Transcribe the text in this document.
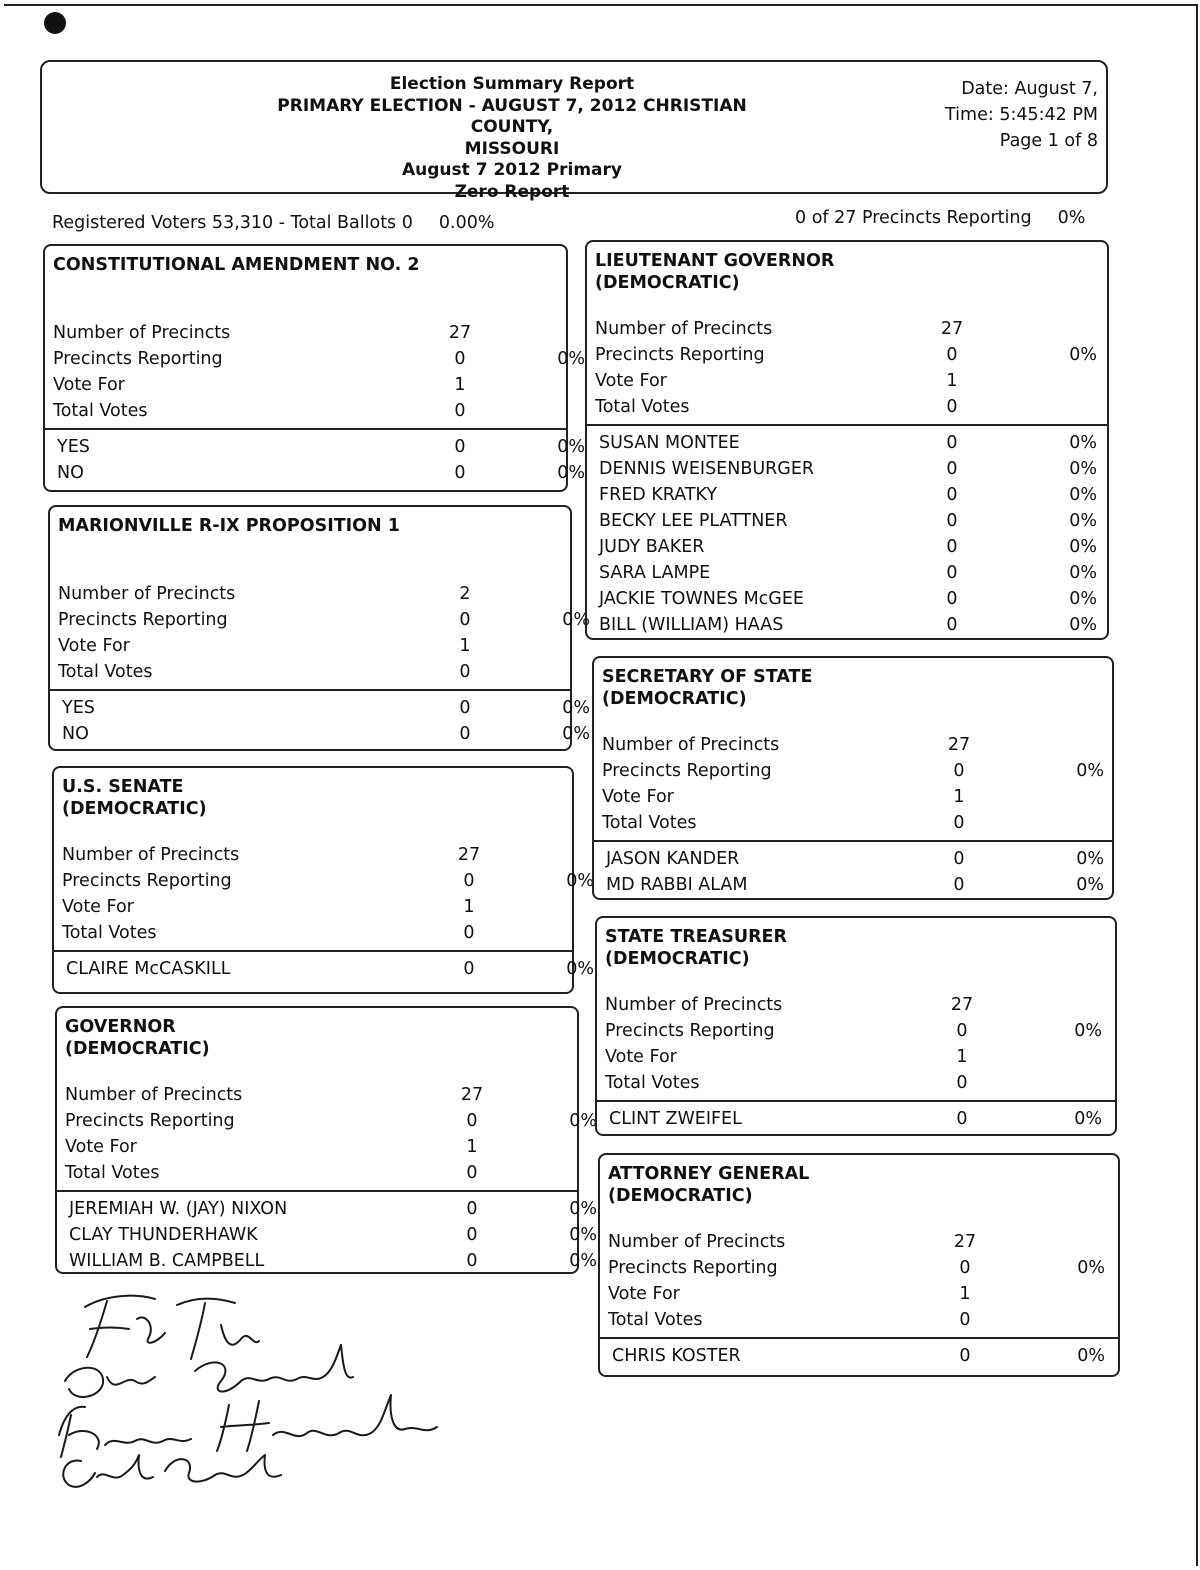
Election Summary Report
PRIMARY ELECTION - AUGUST 7, 2012 CHRISTIAN COUNTY,
MISSOURI
August 7 2012 Primary
Zero Report
Date: August 7,
Time: 5:45:42 PM
Page 1 of 8
Registered Voters 53,310 - Total Ballots 0 0.00%	0 of 27 Precincts Reporting 0%
CONSTITUTIONAL AMENDMENT NO. 2
Number of Precincts	27
Precincts Reporting	0	0%
Vote For	1
Total Votes	0
YES	0	0%
NO	0	0%
MARIONVILLE R-IX PROPOSITION 1
Number of Precincts	2
Precincts Reporting	0	0%
Vote For	1
Total Votes	0
YES	0	0%
NO	0	0%
U.S. SENATE
(DEMOCRATIC)
Number of Precincts	27
Precincts Reporting	0	0%
Vote For	1
Total Votes	0
CLAIRE McCASKILL	0	0%
GOVERNOR
(DEMOCRATIC)
Number of Precincts	27
Precincts Reporting	0	0%
Vote For	1
Total Votes	0
JEREMIAH W. (JAY) NIXON	0	0%
CLAY THUNDERHAWK	0	0%
WILLIAM B. CAMPBELL	0	0%
LIEUTENANT GOVERNOR
(DEMOCRATIC)
Number of Precincts	27
Precincts Reporting	0	0%
Vote For	1
Total Votes	0
SUSAN MONTEE	0	0%
DENNIS WEISENBURGER	0	0%
FRED KRATKY	0	0%
BECKY LEE PLATTNER	0	0%
JUDY BAKER	0	0%
SARA LAMPE	0	0%
JACKIE TOWNES McGEE	0	0%
BILL (WILLIAM) HAAS	0	0%
SECRETARY OF STATE
(DEMOCRATIC)
Number of Precincts	27
Precincts Reporting	0	0%
Vote For	1
Total Votes	0
JASON KANDER	0	0%
MD RABBI ALAM	0	0%
STATE TREASURER
(DEMOCRATIC)
Number of Precincts	27
Precincts Reporting	0	0%
Vote For	1
Total Votes	0
CLINT ZWEIFEL	0	0%
ATTORNEY GENERAL
(DEMOCRATIC)
Number of Precincts	27
Precincts Reporting	0	0%
Vote For	1
Total Votes	0
CHRIS KOSTER	0	0%
